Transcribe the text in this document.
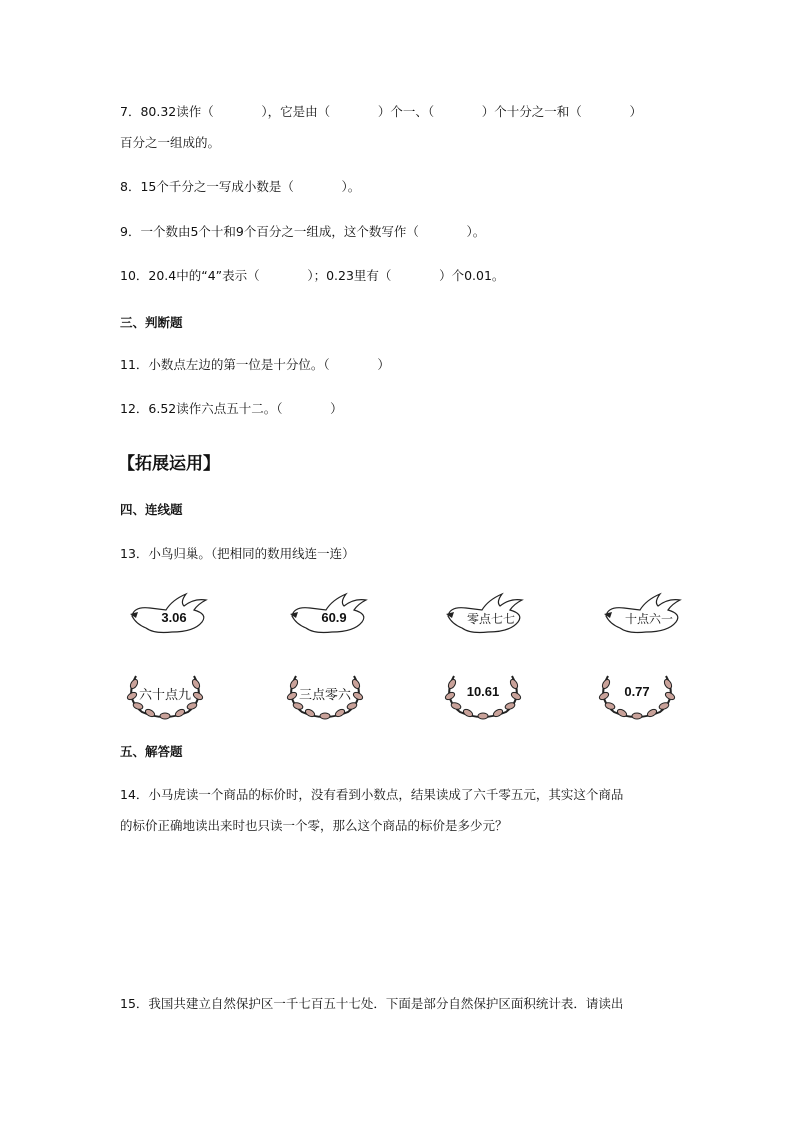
7．80.32读作（            ），它是由（            ）个一、（            ）个十分之一和（            ）
百分之一组成的。
8．15个千分之一写成小数是（            ）。
9．一个数由5个十和9个百分之一组成，这个数写作（            ）。
10．20.4中的“4”表示（            ）；0.23里有（            ）个0.01。
三、判断题
11．小数点左边的第一位是十分位。（            ）
12．6.52读作六点五十二。（            ）
【拓展运用】
四、连线题
13．小鸟归巢。（把相同的数用线连一连）
3.06	60.9	零点七七	十点六一
六十点九	三点零六	10.61	0.77
五、解答题
14．小马虎读一个商品的标价时，没有看到小数点，结果读成了六千零五元，其实这个商品
的标价正确地读出来时也只读一个零，那么这个商品的标价是多少元？
15．我国共建立自然保护区一千七百五十七处．下面是部分自然保护区面积统计表．请读出
